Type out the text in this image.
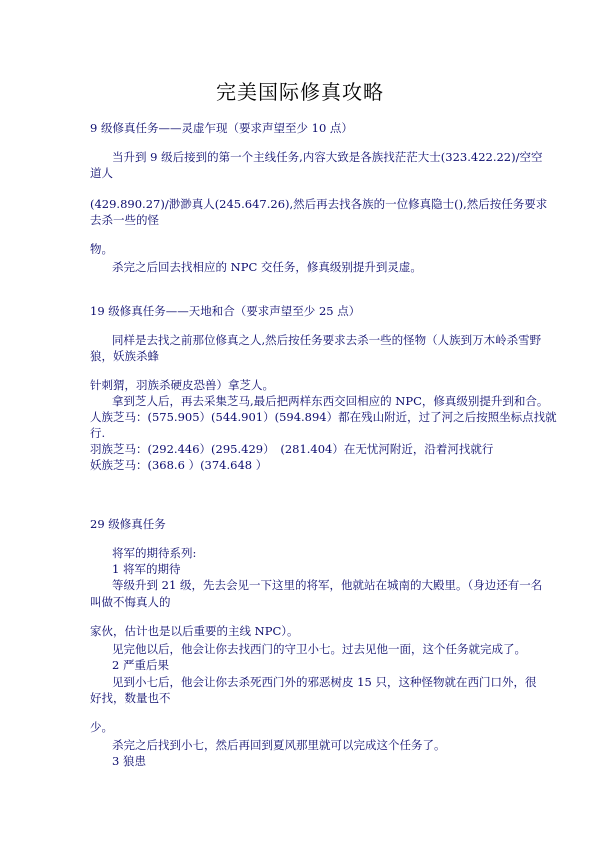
完美国际修真攻略
9 级修真任务——灵虚乍现（要求声望至少 10 点）
当升到 9 级后接到的第一个主线任务,内容大致是各族找茫茫大士(323.422.22)/空空
道人
(429.890.27)/渺渺真人(245.647.26),然后再去找各族的一位修真隐士(),然后按任务要求
去杀一些的怪
物。
杀完之后回去找相应的 NPC 交任务，修真级别提升到灵虚。
19 级修真任务——天地和合（要求声望至少 25 点）
同样是去找之前那位修真之人,然后按任务要求去杀一些的怪物（人族到万木岭杀雪野
狼，妖族杀蜂
针刺猬，羽族杀硬皮恐兽）拿芝人。
拿到芝人后，再去采集芝马,最后把两样东西交回相应的 NPC，修真级别提升到和合。
人族芝马：(575.905）(544.901）(594.894）都在残山附近，过了河之后按照坐标点找就
行.
羽族芝马：(292.446）(295.429）　(281.404）在无忧河附近，沿着河找就行
妖族芝马：(368.6 ）(374.648 ）
29 级修真任务
将军的期待系列:
1 将军的期待
等级升到 21 级，先去会见一下这里的将军，他就站在城南的大殿里。（身边还有一名
叫做不悔真人的
家伙，估计也是以后重要的主线 NPC）。
见完他以后，他会让你去找西门的守卫小七。过去见他一面，这个任务就完成了。
2 严重后果
见到小七后，他会让你去杀死西门外的邪恶树皮 15 只，这种怪物就在西门口外，很
好找，数量也不
少。
杀完之后找到小七，然后再回到夏风那里就可以完成这个任务了。
3 狼患
